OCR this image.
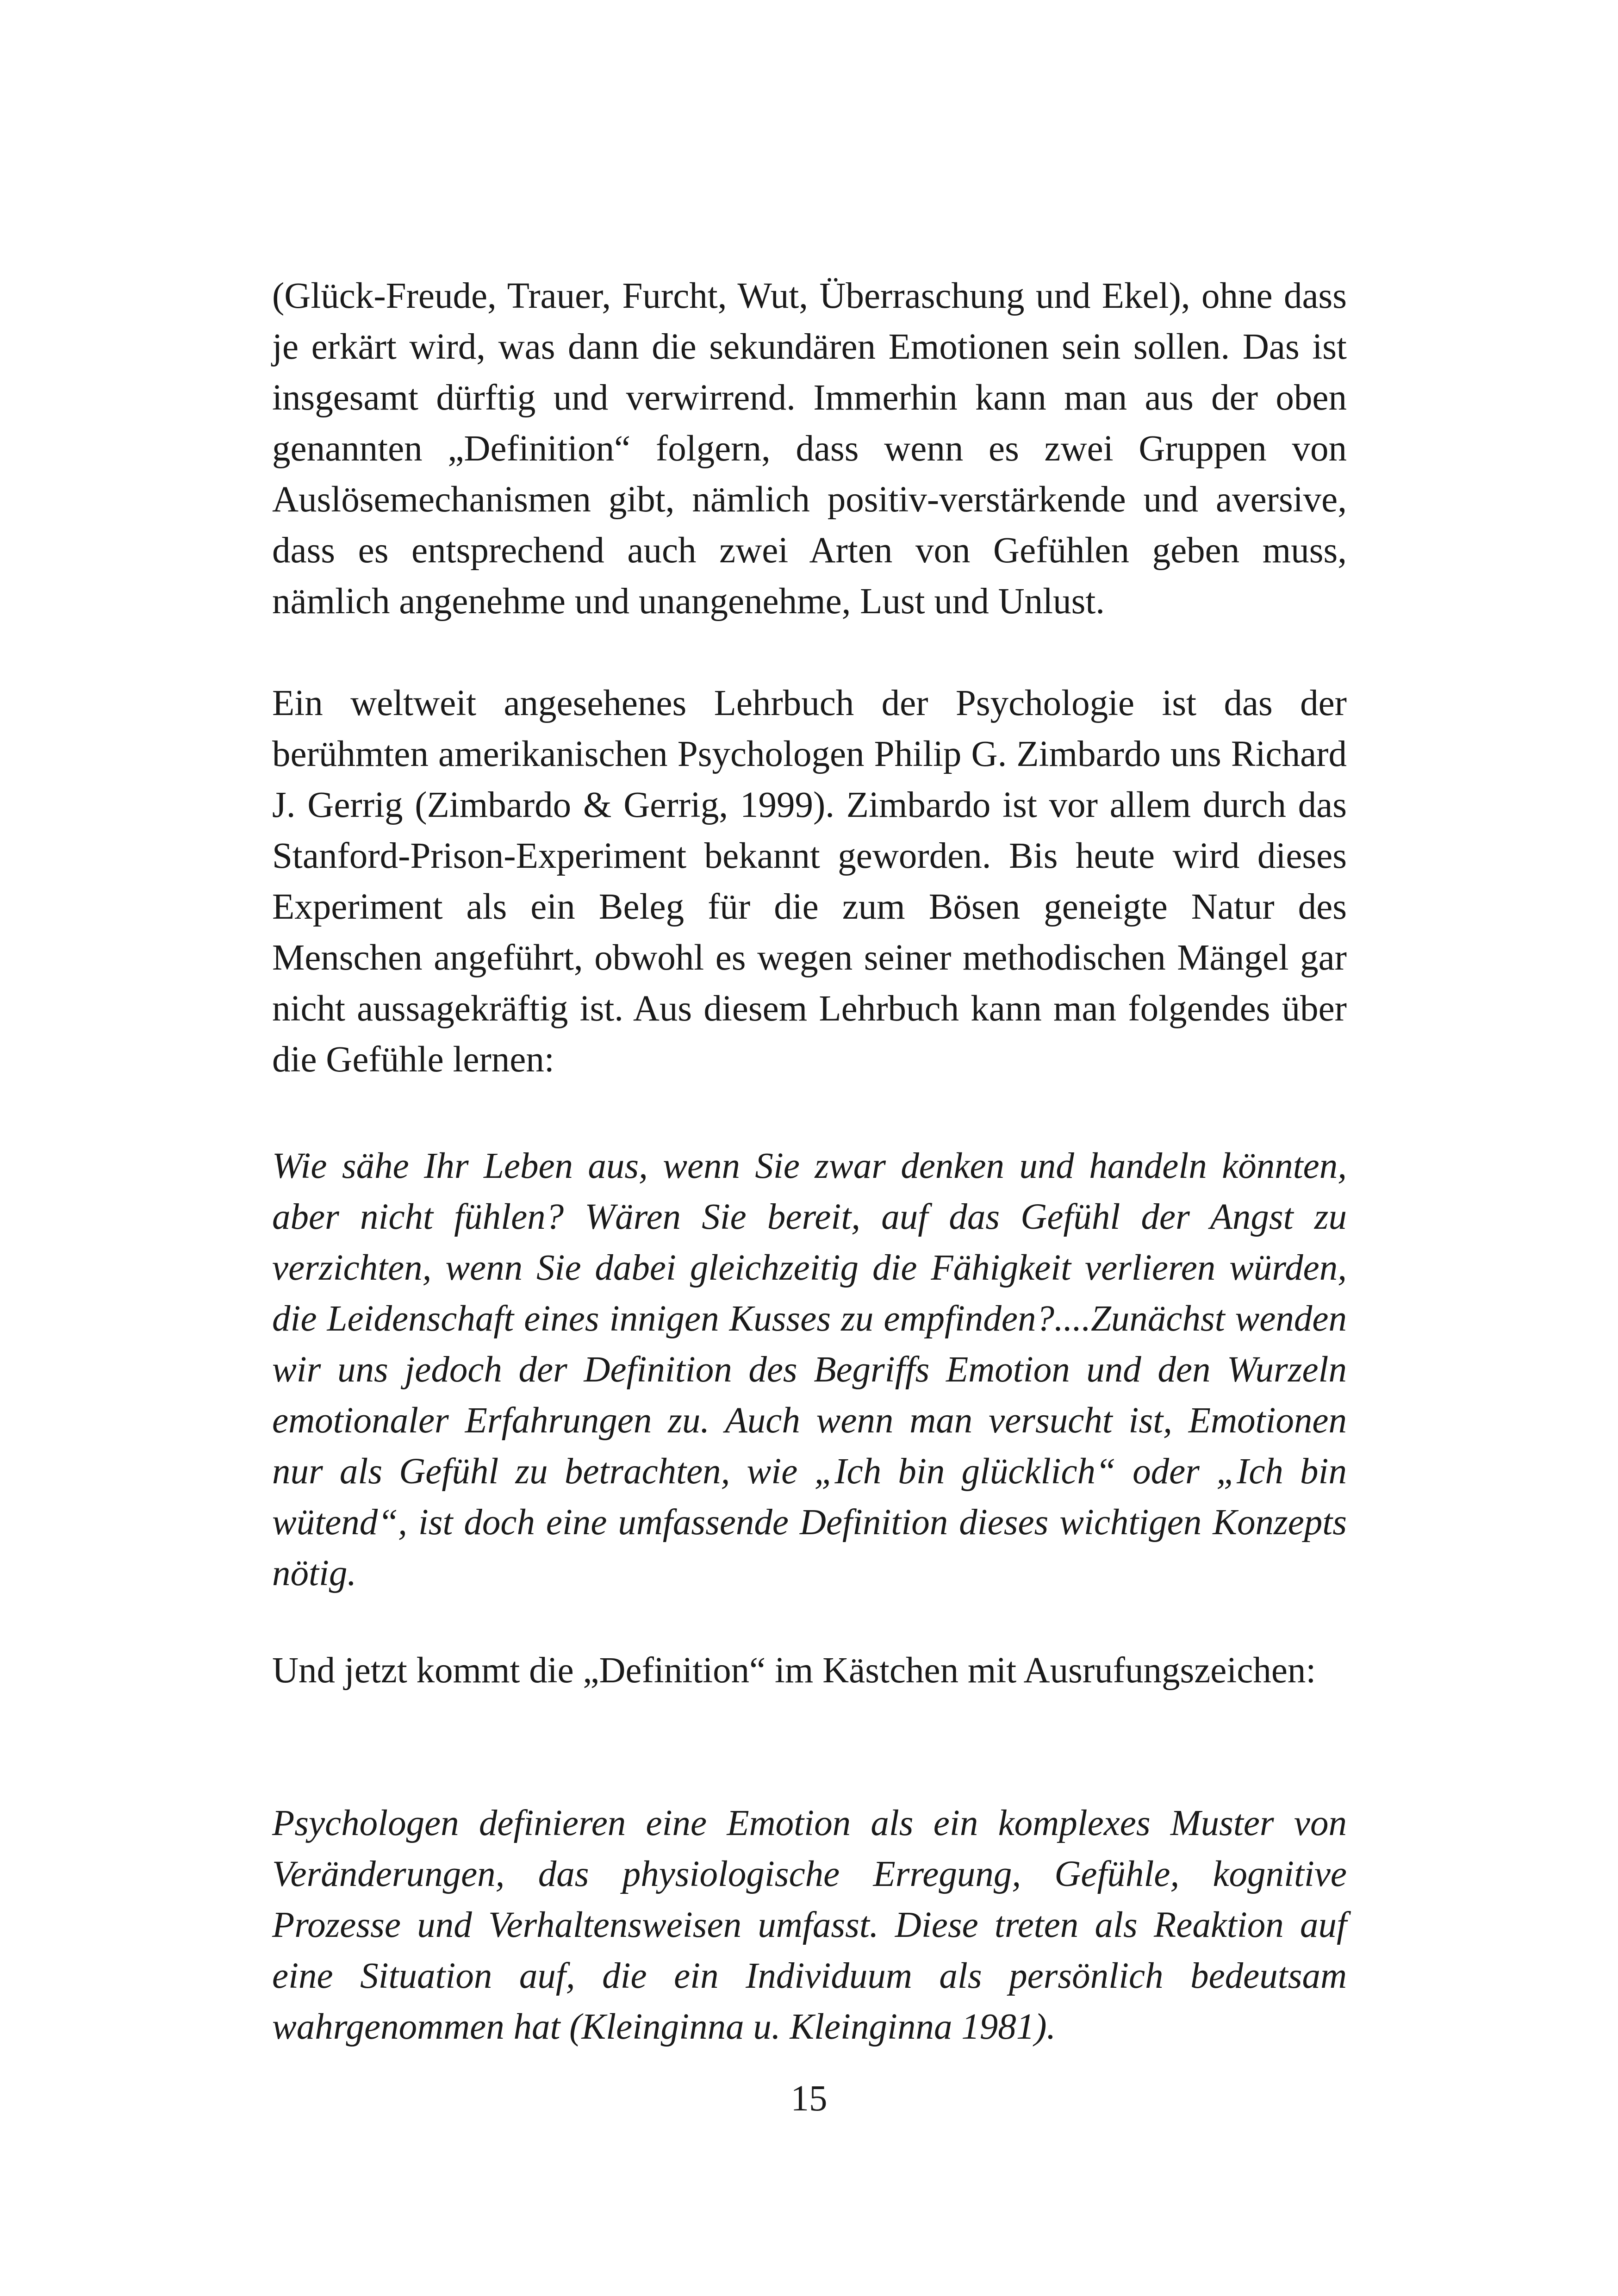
(Glück-Freude, Trauer, Furcht, Wut, Überraschung und Ekel), ohne dass je erkärt wird, was dann die sekundären Emotionen sein sollen. Das ist insgesamt dürftig und verwirrend. Immerhin kann man aus der oben genannten „Definition“ folgern, dass wenn es zwei Gruppen von Auslösemechanismen gibt, nämlich positiv-verstärkende und aversive, dass es entsprechend auch zwei Arten von Gefühlen geben muss, nämlich angenehme und unangenehme, Lust und Unlust.

Ein weltweit angesehenes Lehrbuch der Psychologie ist das der berühmten amerikanischen Psychologen Philip G. Zimbardo uns Richard J. Gerrig (Zimbardo & Gerrig, 1999). Zimbardo ist vor allem durch das Stanford-Prison-Experiment bekannt geworden. Bis heute wird dieses Experiment als ein Beleg für die zum Bösen geneigte Natur des Menschen angeführt, obwohl es wegen seiner methodischen Mängel gar nicht aussagekräftig ist. Aus diesem Lehrbuch kann man folgendes über die Gefühle lernen:

Wie sähe Ihr Leben aus, wenn Sie zwar denken und handeln könnten, aber nicht fühlen? Wären Sie bereit, auf das Gefühl der Angst zu verzichten, wenn Sie dabei gleichzeitig die Fähigkeit verlieren würden, die Leidenschaft eines innigen Kusses zu empfinden?....Zunächst wenden wir uns jedoch der Definition des Begriffs Emotion und den Wurzeln emotionaler Erfahrungen zu. Auch wenn man versucht ist, Emotionen nur als Gefühl zu betrachten, wie „Ich bin glücklich“ oder „Ich bin wütend“, ist doch eine umfassende Definition dieses wichtigen Konzepts nötig.

Und jetzt kommt die „Definition“ im Kästchen mit Ausrufungszeichen:

Psychologen definieren eine Emotion als ein komplexes Muster von Veränderungen, das physiologische Erregung, Gefühle, kognitive Prozesse und Verhaltensweisen umfasst. Diese treten als Reaktion auf eine Situation auf, die ein Individuum als persönlich bedeutsam wahrgenommen hat (Kleinginna u. Kleinginna 1981).

15
